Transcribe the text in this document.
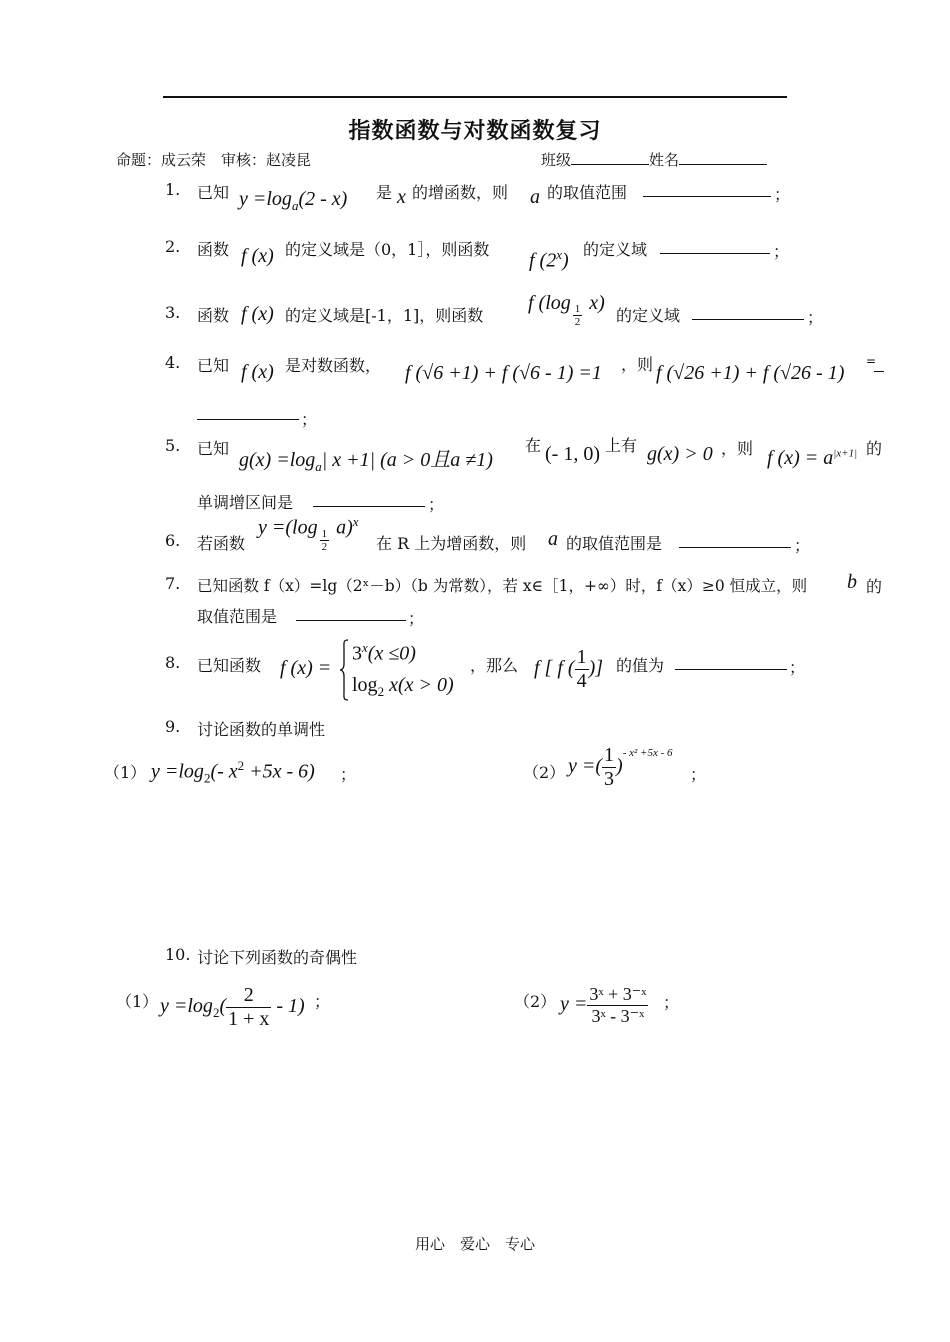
指数函数与对数函数复习
命题：成云荣　审核：赵凌昆	班级	姓名
1. 已知 $y =\log_a(2 - x)$ 是 x 的增函数，则 a 的取值范围	；
2. 函数 f (x) 的定义域是（0，1］，则函数
f (2$^x$)
的定义域	；
3. 函数 f (x) 的定义域是[-1，1]，则函数
f $(\log \frac{1}{2} x)$
的定义域	；
4. 已知 f (x) 是对数函数， f (√6 +1) + f (√6 - 1) =1 ，则 f (√26 +1) + f (√26 - 1)
=
；
5. 已知
$g(x) =\log_a|$ x +1| (a > 0且a ≠1)
在 (- 1, 0) 上有 g(x) > 0 ，则 f $(x) = a^{|x+1|}$ 的
单调增区间是	；
6. 若函数
$y =(\log \frac{1}{2} a)^x$
在 R 上为增函数，则 a 的取值范围是	；
7. 已知函数 f（x）=lg（2ˣ－b）（b 为常数），若 x∈［1，+∞）时，f（x）≥0 恒成立，则 b 的
取值范围是	；
8. 已知函数 f (x) =
$3^x(x \le 0)$
$\log_2 x(x > 0)$
，那么 f [ f ( $\frac{1}{4}$ )] 的值为	；
9. 讨论函数的单调性
（1） $y =\log_2(-$ $x^2 +5x - 6$) ；	（2） y =( $\frac{1}{3} )^{- x^2 +5x - 6}$
；
10. 讨论下列函数的奇偶性
（1） $y =\log_2( \frac{2}{1 + x} - 1)$ ；	（2） $y = \frac{\text{3ˣ + 3⁻ˣ}}{\text{3ˣ - 3⁻ˣ}}$ ；
用心　爱心　专心
